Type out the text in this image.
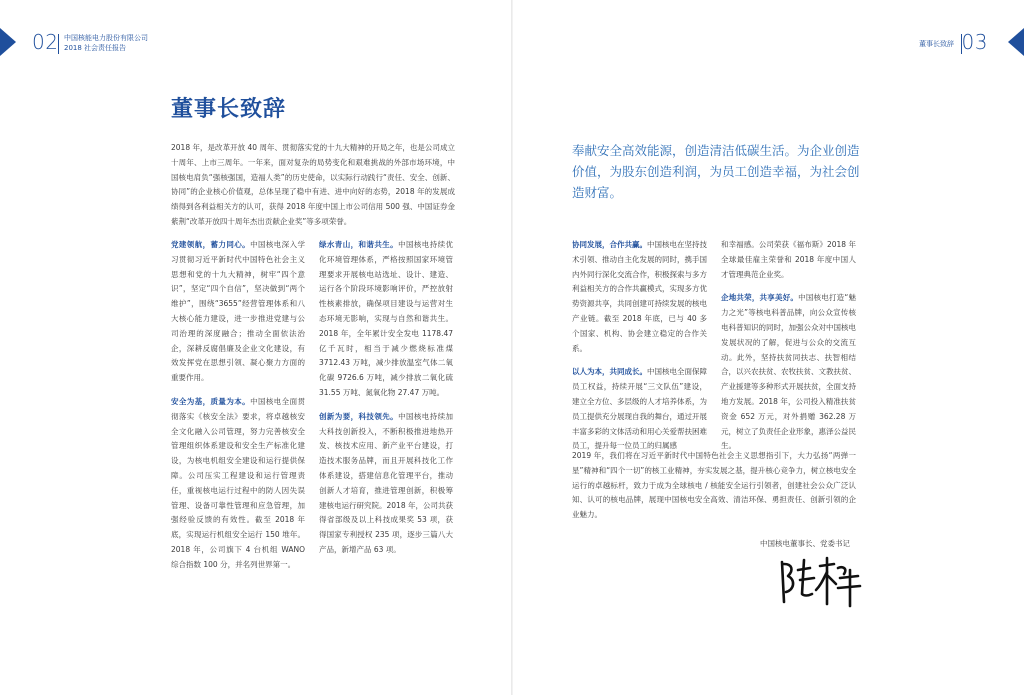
02 中国核能电力股份有限公司
2018 社会责任报告	03
董事长致辞
董事长致辞

2018 年，是改革开放 40 周年、贯彻落实党的十九大精神的开局之年，也是公司成立十周年、上市三周年。一年来，面对复杂的局势变化和艰难挑战的外部市场环境，中国核电肩负“强核强国，造福人类”的历史使命，以实际行动践行“责任、安全、创新、协同”的企业核心价值观，总体呈现了稳中有进、进中向好的态势，2018 年的发展成绩得到各利益相关方的认可，获得 2018 年度中国上市公司信用 500 强、中国证券金紫荆“改革开放四十周年杰出贡献企业奖”等多项荣誉。

奉献安全高效能源，创造清洁低碳生活。为企业创造价值，为股东创造利润，为员工创造幸福，为社会创造财富。

党建领航，蓄力同心。中国核电深入学习贯彻习近平新时代中国特色社会主义思想和党的十九大精神，树牢“四个意识”，坚定“四个自信”，坚决做到“两个维护”，围绕“3655”经营管理体系和八大核心能力建设，进一步推进党建与公司治理的深度融合；推动全面依法治企，深耕反腐倡廉及企业文化建设，有效发挥党在思想引领、凝心聚力方面的重要作用。

安全为基，质量为本。中国核电全面贯彻落实《核安全法》要求，将卓越核安全文化融入公司管理，努力完善核安全管理组织体系建设和安全生产标准化建设，为核电机组安全建设和运行提供保障。公司压实工程建设和运行管理责任，重视核电运行过程中的防人因失误管理、设备可靠性管理和应急管理，加强经验反馈的有效性。截至 2018 年底，实现运行机组安全运行 150 堆年。2018 年，公司旗下 4 台机组 WANO 综合指数 100 分，并名列世界第一。

绿水青山，和谐共生。中国核电持续优化环境管理体系，严格按照国家环境管理要求开展核电站选址、设计、建造、运行各个阶段环境影响评价，严控放射性核素排放，确保项目建设与运营对生态环境无影响，实现与自然和谐共生。2018 年，全年累计安全发电 1178.47 亿千瓦时，相当于减少燃烧标准煤 3712.43 万吨，减少排放温室气体二氧化碳 9726.6 万吨，减少排放二氧化硫 31.55 万吨、氮氧化物 27.47 万吨。

创新为要，科技领先。中国核电持续加大科技创新投入，不断积极推进地热开发、核技术应用、新产业平台建设，打造技术服务品牌，而且开展科技化工作体系建设，搭建信息化管理平台，推动创新人才培育，推进管理创新，积极筹建核电运行研究院。2018 年，公司共获得省部级及以上科技成果奖 53 项，获得国家专利授权 235 项，逐步三篇八大产品，新增产品 63 项。

协同发展，合作共赢。中国核电在坚持技术引领、推动自主化发展的同时，携手国内外同行深化交流合作，积极探索与多方利益相关方的合作共赢模式，实现多方优势资源共享，共同创建可持续发展的核电产业链。截至 2018 年底，已与 40 多个国家、机构、协会建立稳定的合作关系。

以人为本，共同成长。中国核电全面保障员工权益，持续开展“三文队伍”建设，建立全方位、多层级的人才培养体系，为员工提供充分展现自我的舞台，通过开展丰富多彩的文体活动和用心关爱帮扶困难员工，提升每一位员工的归属感

和幸福感。公司荣获《福布斯》2018 年全球最佳雇主荣誉和 2018 年度中国人才管理典范企业奖。

企地共荣，共享美好。中国核电打造“魅力之光”等核电科普品牌，向公众宣传核电科普知识的同时，加强公众对中国核电发展状况的了解，促进与公众的交流互动。此外，坚持扶贫同扶志、扶智相结合，以兴农扶贫、农牧扶贫、文教扶贫、产业援建等多种形式开展扶贫，全面支持地方发展。2018 年，公司投入精准扶贫资金 652 万元，对外捐赠 362.28 万元，树立了负责任企业形象，惠泽公益民生。

2019 年，我们将在习近平新时代中国特色社会主义思想指引下，大力弘扬“两弹一星”精神和“四个一切”的核工业精神，夯实发展之基，提升核心竞争力，树立核电安全运行的卓越标杆，致力于成为全球核电 / 核能安全运行引领者，创建社会公众广泛认知、认可的核电品牌，展现中国核电安全高效、清洁环保、勇担责任、创新引领的企业魅力。

中国核电董事长、党委书记
